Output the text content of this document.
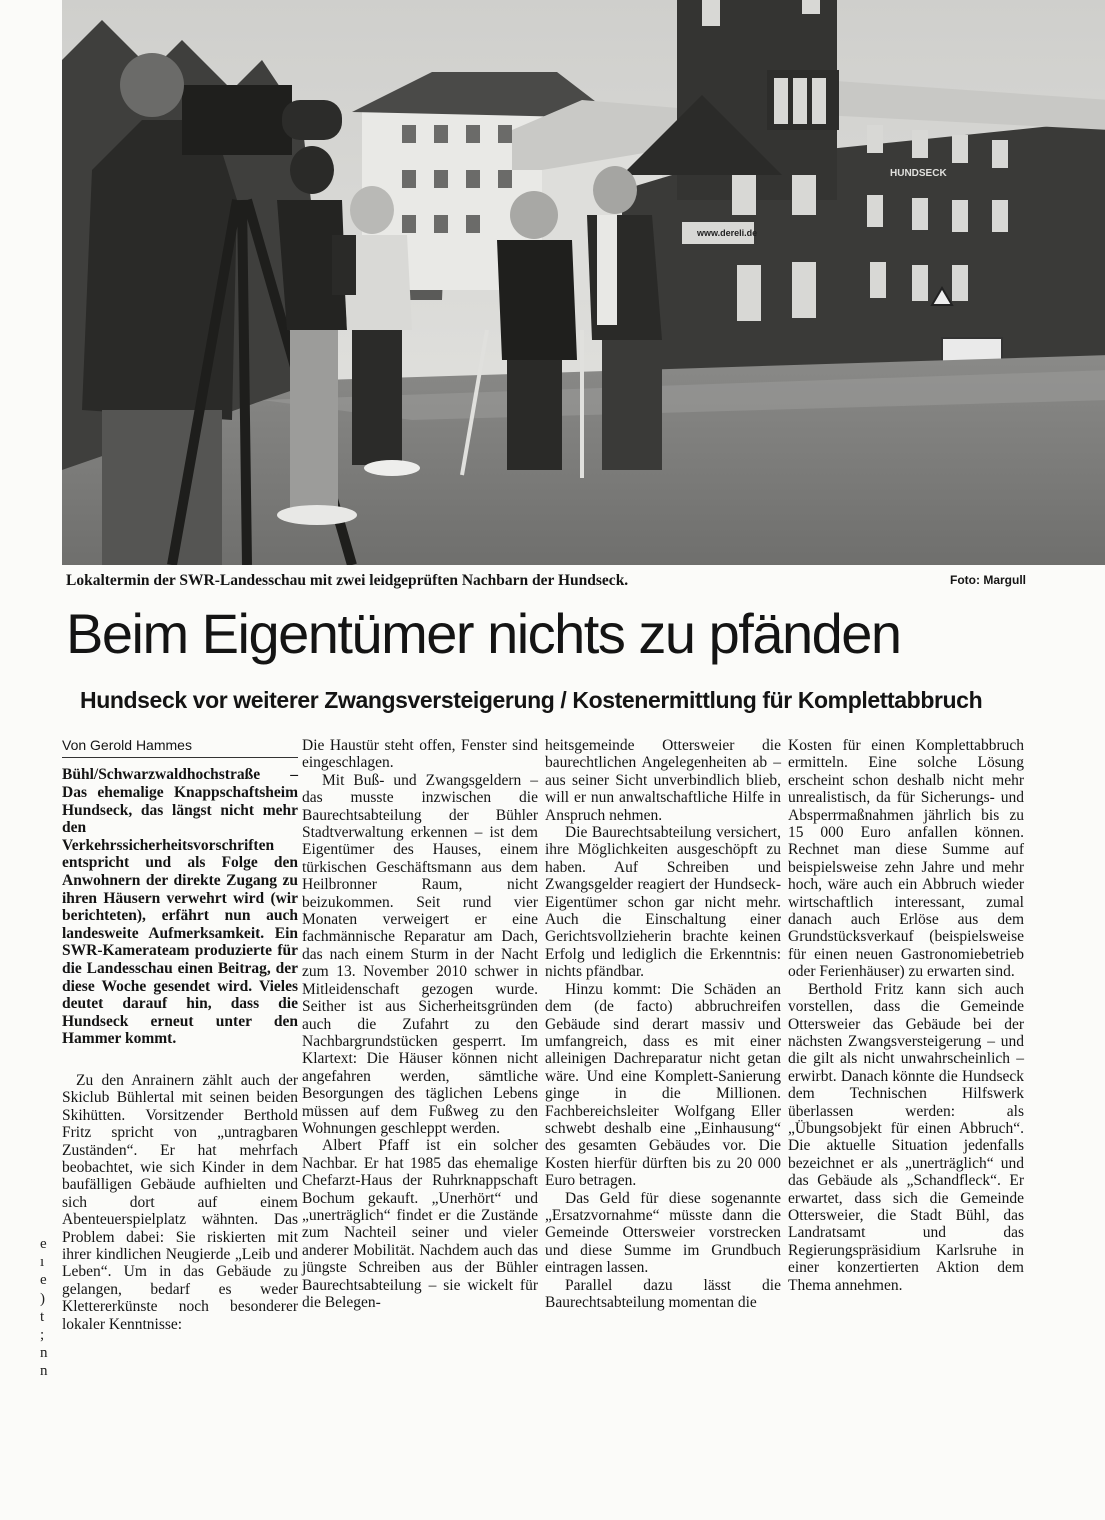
www.dereli.de
HUNDSECK
Lokaltermin der SWR-Landesschau mit zwei leidgeprüften Nachbarn der Hundseck.	Foto: Margull
Beim Eigentümer nichts zu pfänden
Hundseck vor weiterer Zwangsversteigerung / Kostenermittlung für Komplettabbruch

Von Gerold Hammes

Bühl/Schwarzwaldhochstraße – Das ehemalige Knappschaftsheim Hundseck, das längst nicht mehr den Verkehrssicherheitsvorschriften entspricht und als Folge den Anwohnern der direkte Zugang zu ihren Häusern verwehrt wird (wir berichteten), erfährt nun auch landesweite Aufmerksamkeit. Ein SWR-Kamerateam produzierte für die Landesschau einen Beitrag, der diese Woche gesendet wird. Vieles deutet darauf hin, dass die Hundseck erneut unter den Hammer kommt.

Zu den Anrainern zählt auch der Skiclub Bühlertal mit seinen beiden Skihütten. Vorsitzender Berthold Fritz spricht von „untragbaren Zuständen“. Er hat mehrfach beobachtet, wie sich Kinder in dem baufälligen Gebäude aufhielten und sich dort auf einem Abenteuerspielplatz wähnten. Das Problem dabei: Sie riskierten mit ihrer kindlichen Neugierde „Leib und Leben“. Um in das Gebäude zu gelangen, bedarf es weder Klettererkünste noch besonderer lokaler Kenntnisse:

Die Haustür steht offen, Fenster sind eingeschlagen.

Mit Buß- und Zwangsgeldern – das musste inzwischen die Baurechtsabteilung der Bühler Stadtverwaltung erkennen – ist dem Eigentümer des Hauses, einem türkischen Geschäftsmann aus dem Heilbronner Raum, nicht beizukommen. Seit rund vier Monaten verweigert er eine fachmännische Reparatur am Dach, das nach einem Sturm in der Nacht zum 13. November 2010 schwer in Mitleidenschaft gezogen wurde. Seither ist aus Sicherheitsgründen auch die Zufahrt zu den Nachbargrundstücken gesperrt. Im Klartext: Die Häuser können nicht angefahren werden, sämtliche Besorgungen des täglichen Lebens müssen auf dem Fußweg zu den Wohnungen geschleppt werden.

Albert Pfaff ist ein solcher Nachbar. Er hat 1985 das ehemalige Chefarzt-Haus der Ruhrknappschaft Bochum gekauft. „Unerhört“ und „unerträglich“ findet er die Zustände zum Nachteil seiner und vieler anderer Mobilität. Nachdem auch das jüngste Schreiben aus der Bühler Baurechtsabteilung – sie wickelt für die Belegen-

heitsgemeinde Ottersweier die baurechtlichen Angelegenheiten ab – aus seiner Sicht unverbindlich blieb, will er nun anwaltschaftliche Hilfe in Anspruch nehmen.

Die Baurechtsabteilung versichert, ihre Möglichkeiten ausgeschöpft zu haben. Auf Schreiben und Zwangsgelder reagiert der Hundseck-Eigentümer schon gar nicht mehr. Auch die Einschaltung einer Gerichtsvollzieherin brachte keinen Erfolg und lediglich die Erkenntnis: nichts pfändbar.

Hinzu kommt: Die Schäden an dem (de facto) abbruchreifen Gebäude sind derart massiv und umfangreich, dass es mit einer alleinigen Dachreparatur nicht getan wäre. Und eine Komplett-Sanierung ginge in die Millionen. Fachbereichsleiter Wolfgang Eller schwebt deshalb eine „Einhausung“ des gesamten Gebäudes vor. Die Kosten hierfür dürften bis zu 20 000 Euro betragen.

Das Geld für diese sogenannte „Ersatzvornahme“ müsste dann die Gemeinde Ottersweier vorstrecken und diese Summe im Grundbuch eintragen lassen.

Parallel dazu lässt die Baurechtsabteilung momentan die

Kosten für einen Komplettabbruch ermitteln. Eine solche Lösung erscheint schon deshalb nicht mehr unrealistisch, da für Sicherungs- und Absperrmaßnahmen jährlich bis zu 15 000 Euro anfallen können. Rechnet man diese Summe auf beispielsweise zehn Jahre und mehr hoch, wäre auch ein Abbruch wieder wirtschaftlich interessant, zumal danach auch Erlöse aus dem Grundstücksverkauf (beispielsweise für einen neuen Gastronomiebetrieb oder Ferienhäuser) zu erwarten sind.

Berthold Fritz kann sich auch vorstellen, dass die Gemeinde Ottersweier das Gebäude bei der nächsten Zwangsversteigerung – und die gilt als nicht unwahrscheinlich – erwirbt. Danach könnte die Hundseck dem Technischen Hilfswerk überlassen werden: als „Übungsobjekt für einen Abbruch“. Die aktuelle Situation jedenfalls bezeichnet er als „unerträglich“ und das Gebäude als „Schandfleck“. Er erwartet, dass sich die Gemeinde Ottersweier, die Stadt Bühl, das Landratsamt und das Regierungspräsidium Karlsruhe in einer konzertierten Aktion dem Thema annehmen.

e
ı
e
)
t
;
n
n
